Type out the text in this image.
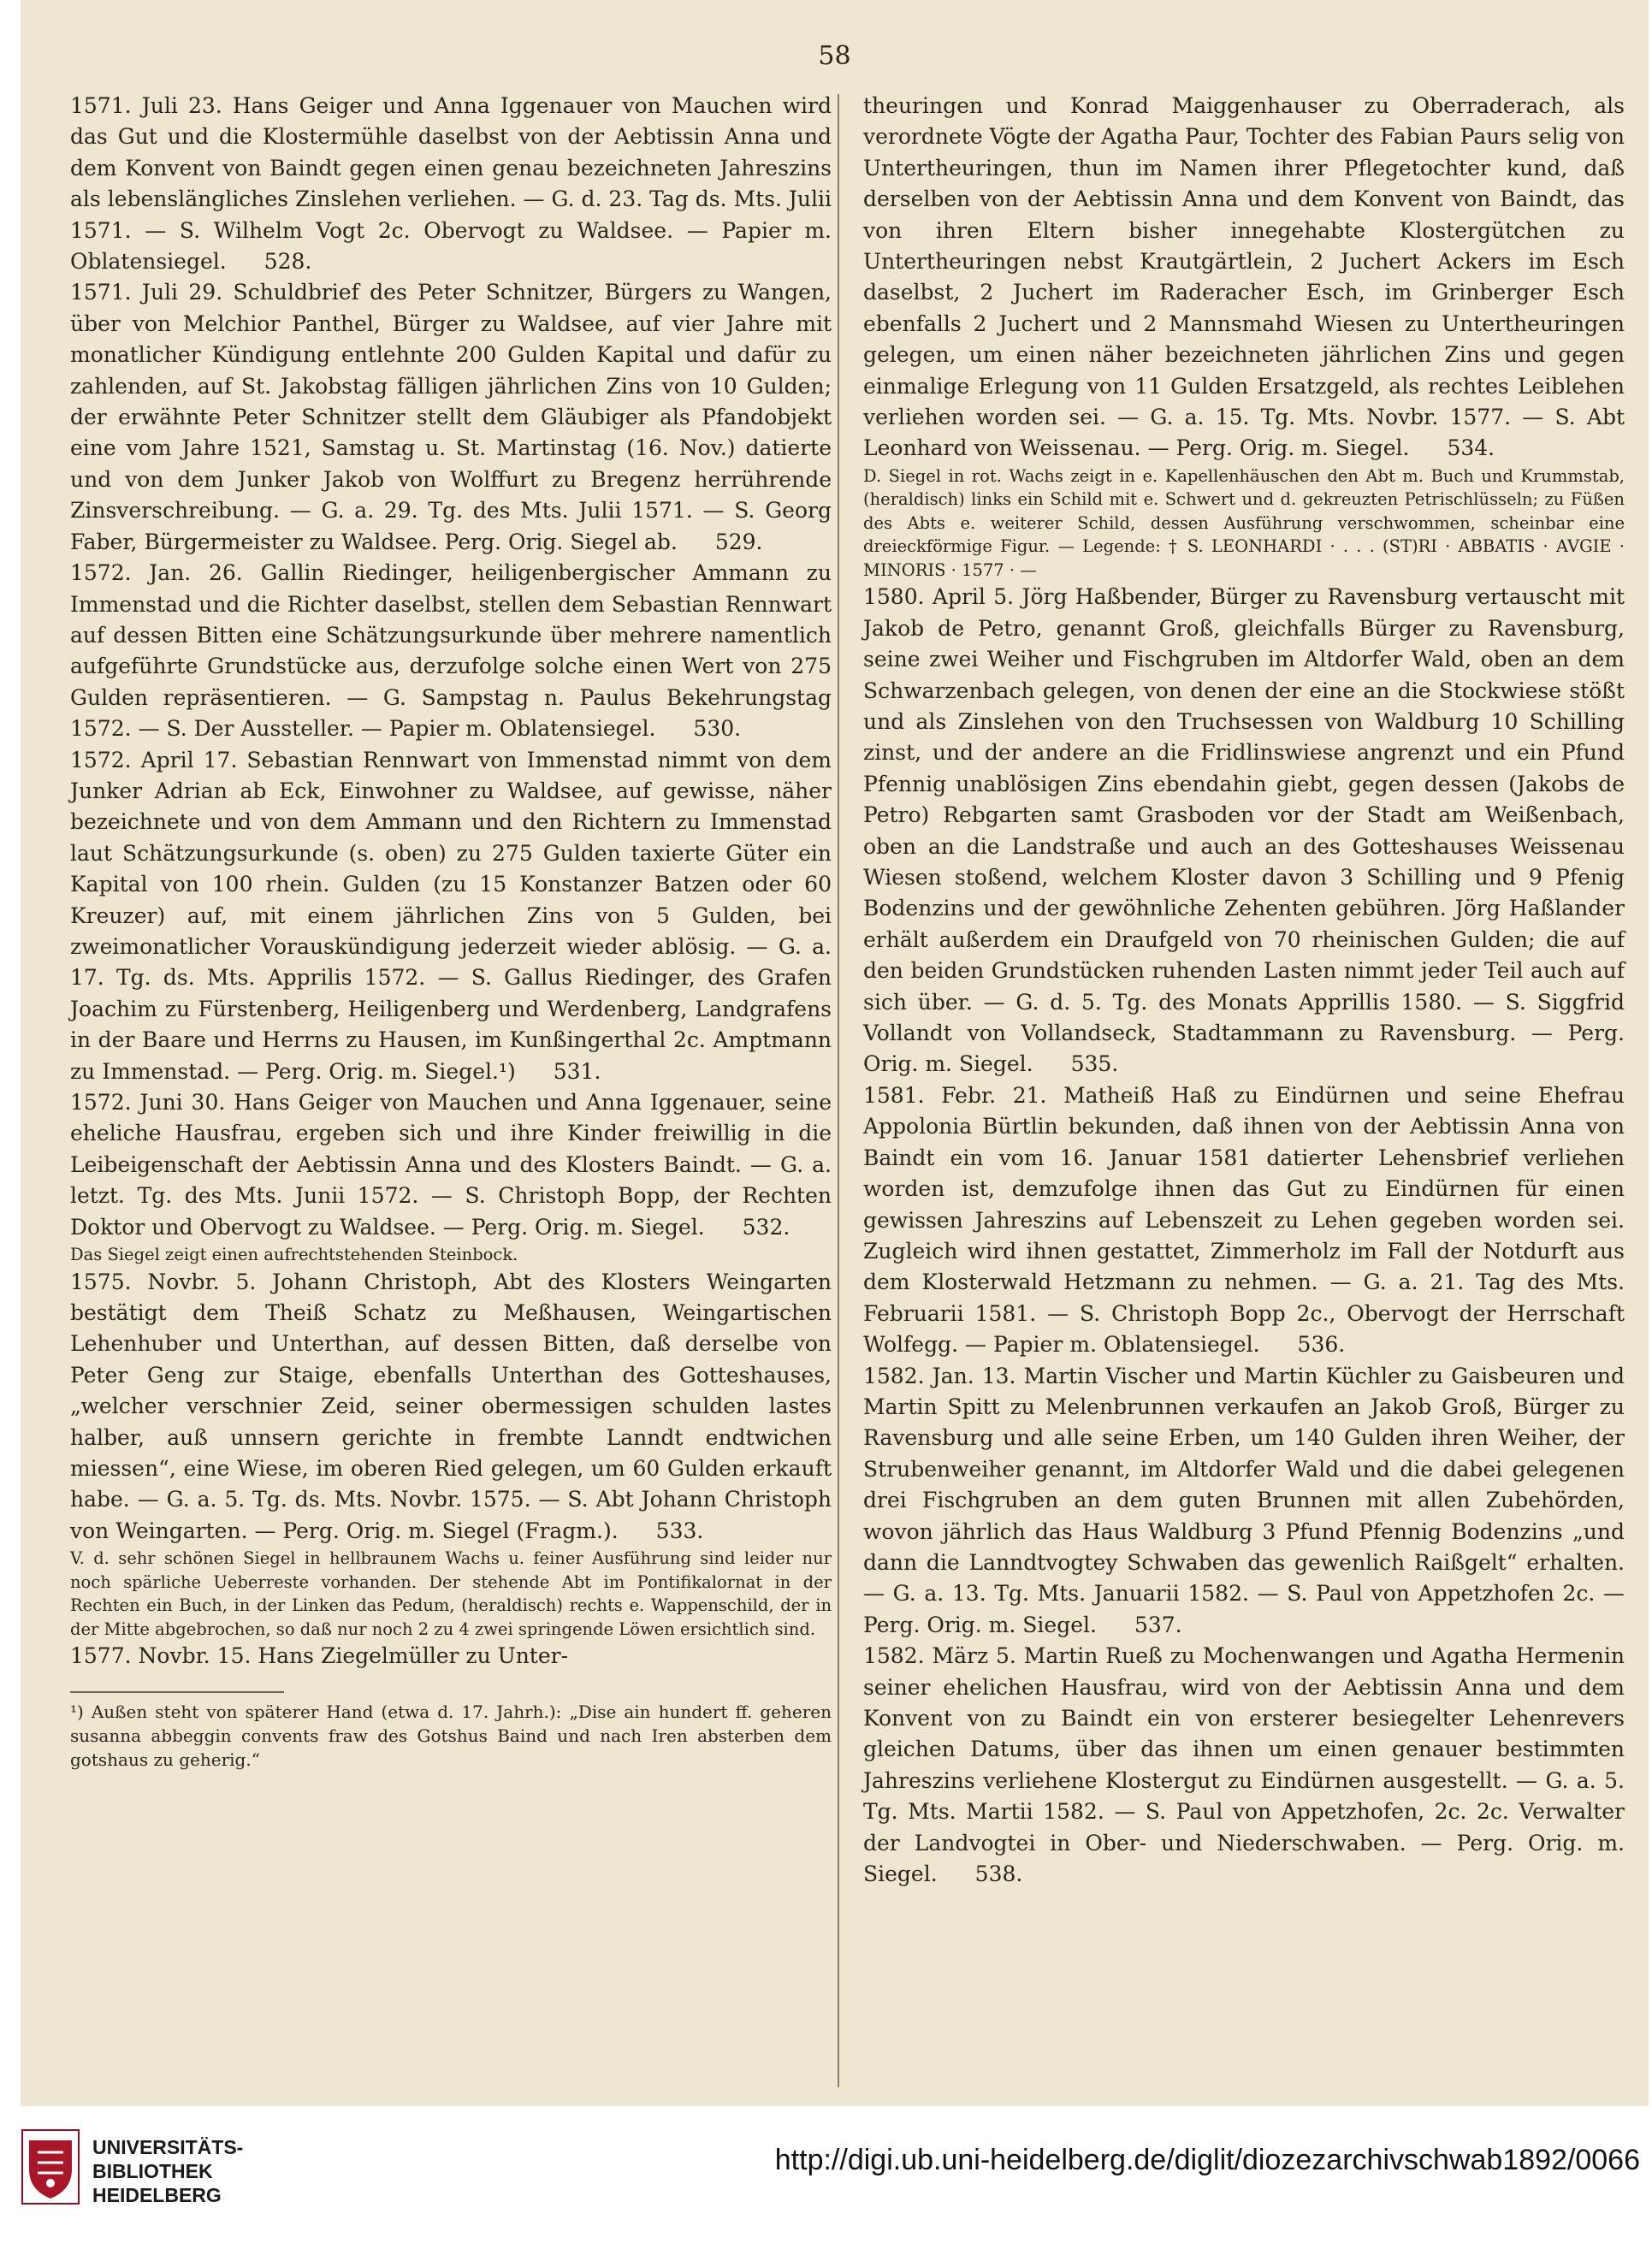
58

1571. Juli 23. Hans Geiger und Anna Iggenauer von Mauchen wird das Gut und die Klostermühle daselbst von der Aebtissin Anna und dem Konvent von Baindt gegen einen genau bezeichneten Jahreszins als lebenslängliches Zinslehen verliehen. — G. d. 23. Tag ds. Mts. Julii 1571. — S. Wilhelm Vogt 2c. Obervogt zu Waldsee. — Papier m. Oblatensiegel. 528.

1571. Juli 29. Schuldbrief des Peter Schnitzer, Bürgers zu Wangen, über von Melchior Panthel, Bürger zu Waldsee, auf vier Jahre mit monatlicher Kündigung entlehnte 200 Gulden Kapital und dafür zu zahlenden, auf St. Jakobstag fälligen jährlichen Zins von 10 Gulden; der erwähnte Peter Schnitzer stellt dem Gläubiger als Pfandobjekt eine vom Jahre 1521, Samstag u. St. Martinstag (16. Nov.) datierte und von dem Junker Jakob von Wolffurt zu Bregenz herrührende Zinsverschreibung. — G. a. 29. Tg. des Mts. Julii 1571. — S. Georg Faber, Bürgermeister zu Waldsee. Perg. Orig. Siegel ab. 529.

1572. Jan. 26. Gallin Riedinger, heiligenbergischer Ammann zu Immenstad und die Richter daselbst, stellen dem Sebastian Rennwart auf dessen Bitten eine Schätzungsurkunde über mehrere namentlich aufgeführte Grundstücke aus, derzufolge solche einen Wert von 275 Gulden repräsentieren. — G. Sampstag n. Paulus Bekehrungstag 1572. — S. Der Aussteller. — Papier m. Oblatensiegel. 530.

1572. April 17. Sebastian Rennwart von Immenstad nimmt von dem Junker Adrian ab Eck, Einwohner zu Waldsee, auf gewisse, näher bezeichnete und von dem Ammann und den Richtern zu Immenstad laut Schätzungsurkunde (s. oben) zu 275 Gulden taxierte Güter ein Kapital von 100 rhein. Gulden (zu 15 Konstanzer Batzen oder 60 Kreuzer) auf, mit einem jährlichen Zins von 5 Gulden, bei zweimonatlicher Vorauskündigung jederzeit wieder ablösig. — G. a. 17. Tg. ds. Mts. Apprilis 1572. — S. Gallus Riedinger, des Grafen Joachim zu Fürstenberg, Heiligenberg und Werdenberg, Landgrafens in der Baare und Herrns zu Hausen, im Kunßingerthal 2c. Amptmann zu Immenstad. — Perg. Orig. m. Siegel.¹) 531.

1572. Juni 30. Hans Geiger von Mauchen und Anna Iggenauer, seine eheliche Hausfrau, ergeben sich und ihre Kinder freiwillig in die Leibeigenschaft der Aebtissin Anna und des Klosters Baindt. — G. a. letzt. Tg. des Mts. Junii 1572. — S. Christoph Bopp, der Rechten Doktor und Obervogt zu Waldsee. — Perg. Orig. m. Siegel. 532.

Das Siegel zeigt einen aufrechtstehenden Steinbock.

1575. Novbr. 5. Johann Christoph, Abt des Klosters Weingarten bestätigt dem Theiß Schatz zu Meßhausen, Weingartischen Lehenhuber und Unterthan, auf dessen Bitten, daß derselbe von Peter Geng zur Staige, ebenfalls Unterthan des Gotteshauses, „welcher verschnier Zeid, seiner obermessigen schulden lastes halber, auß unnsern gerichte in frembte Lanndt endtwichen miessen“, eine Wiese, im oberen Ried gelegen, um 60 Gulden erkauft habe. — G. a. 5. Tg. ds. Mts. Novbr. 1575. — S. Abt Johann Christoph von Weingarten. — Perg. Orig. m. Siegel (Fragm.). 533.

V. d. sehr schönen Siegel in hellbraunem Wachs u. feiner Ausführung sind leider nur noch spärliche Ueberreste vorhanden. Der stehende Abt im Pontifikalornat in der Rechten ein Buch, in der Linken das Pedum, (heraldisch) rechts e. Wappenschild, der in der Mitte abgebrochen, so daß nur noch 2 zu 4 zwei springende Löwen ersichtlich sind.

1577. Novbr. 15. Hans Ziegelmüller zu Unter-

¹) Außen steht von späterer Hand (etwa d. 17. Jahrh.): „Dise ain hundert ff. geheren susanna abbeggin convents fraw des Gotshus Baind und nach Iren absterben dem gotshaus zu geherig.“

theuringen und Konrad Maiggenhauser zu Oberraderach, als verordnete Vögte der Agatha Paur, Tochter des Fabian Paurs selig von Untertheuringen, thun im Namen ihrer Pflegetochter kund, daß derselben von der Aebtissin Anna und dem Konvent von Baindt, das von ihren Eltern bisher innegehabte Klostergütchen zu Untertheuringen nebst Krautgärtlein, 2 Juchert Ackers im Esch daselbst, 2 Juchert im Raderacher Esch, im Grinberger Esch ebenfalls 2 Juchert und 2 Mannsmahd Wiesen zu Untertheuringen gelegen, um einen näher bezeichneten jährlichen Zins und gegen einmalige Erlegung von 11 Gulden Ersatzgeld, als rechtes Leiblehen verliehen worden sei. — G. a. 15. Tg. Mts. Novbr. 1577. — S. Abt Leonhard von Weissenau. — Perg. Orig. m. Siegel. 534.

D. Siegel in rot. Wachs zeigt in e. Kapellenhäuschen den Abt m. Buch und Krummstab, (heraldisch) links ein Schild mit e. Schwert und d. gekreuzten Petrischlüsseln; zu Füßen des Abts e. weiterer Schild, dessen Ausführung verschwommen, scheinbar eine dreieckförmige Figur. — Legende: † S. LEONHARDI · . . . (ST)RI · ABBATIS · AVGIE · MINORIS · 1577 · —

1580. April 5. Jörg Haßbender, Bürger zu Ravensburg vertauscht mit Jakob de Petro, genannt Groß, gleichfalls Bürger zu Ravensburg, seine zwei Weiher und Fischgruben im Altdorfer Wald, oben an dem Schwarzenbach gelegen, von denen der eine an die Stockwiese stößt und als Zinslehen von den Truchsessen von Waldburg 10 Schilling zinst, und der andere an die Fridlinswiese angrenzt und ein Pfund Pfennig unablösigen Zins ebendahin giebt, gegen dessen (Jakobs de Petro) Rebgarten samt Grasboden vor der Stadt am Weißenbach, oben an die Landstraße und auch an des Gotteshauses Weissenau Wiesen stoßend, welchem Kloster davon 3 Schilling und 9 Pfenig Bodenzins und der gewöhnliche Zehenten gebühren. Jörg Haßlander erhält außerdem ein Draufgeld von 70 rheinischen Gulden; die auf den beiden Grundstücken ruhenden Lasten nimmt jeder Teil auch auf sich über. — G. d. 5. Tg. des Monats Apprillis 1580. — S. Siggfrid Vollandt von Vollandseck, Stadtammann zu Ravensburg. — Perg. Orig. m. Siegel. 535.

1581. Febr. 21. Matheiß Haß zu Eindürnen und seine Ehefrau Appolonia Bürtlin bekunden, daß ihnen von der Aebtissin Anna von Baindt ein vom 16. Januar 1581 datierter Lehensbrief verliehen worden ist, demzufolge ihnen das Gut zu Eindürnen für einen gewissen Jahreszins auf Lebenszeit zu Lehen gegeben worden sei. Zugleich wird ihnen gestattet, Zimmerholz im Fall der Notdurft aus dem Klosterwald Hetzmann zu nehmen. — G. a. 21. Tag des Mts. Februarii 1581. — S. Christoph Bopp 2c., Obervogt der Herrschaft Wolfegg. — Papier m. Oblatensiegel. 536.

1582. Jan. 13. Martin Vischer und Martin Küchler zu Gaisbeuren und Martin Spitt zu Melenbrunnen verkaufen an Jakob Groß, Bürger zu Ravensburg und alle seine Erben, um 140 Gulden ihren Weiher, der Strubenweiher genannt, im Altdorfer Wald und die dabei gelegenen drei Fischgruben an dem guten Brunnen mit allen Zubehörden, wovon jährlich das Haus Waldburg 3 Pfund Pfennig Bodenzins „und dann die Lanndtvogtey Schwaben das gewenlich Raißgelt“ erhalten. — G. a. 13. Tg. Mts. Januarii 1582. — S. Paul von Appetzhofen 2c. — Perg. Orig. m. Siegel. 537.

1582. März 5. Martin Rueß zu Mochenwangen und Agatha Hermenin seiner ehelichen Hausfrau, wird von der Aebtissin Anna und dem Konvent von zu Baindt ein von ersterer besiegelter Lehenrevers gleichen Datums, über das ihnen um einen genauer bestimmten Jahreszins verliehene Klostergut zu Eindürnen ausgestellt. — G. a. 5. Tg. Mts. Martii 1582. — S. Paul von Appetzhofen, 2c. 2c. Verwalter der Landvogtei in Ober- und Niederschwaben. — Perg. Orig. m. Siegel. 538.

UNIVERSITÄTS-
BIBLIOTHEK
HEIDELBERG
http://digi.ub.uni-heidelberg.de/diglit/diozezarchivschwab1892/0066
